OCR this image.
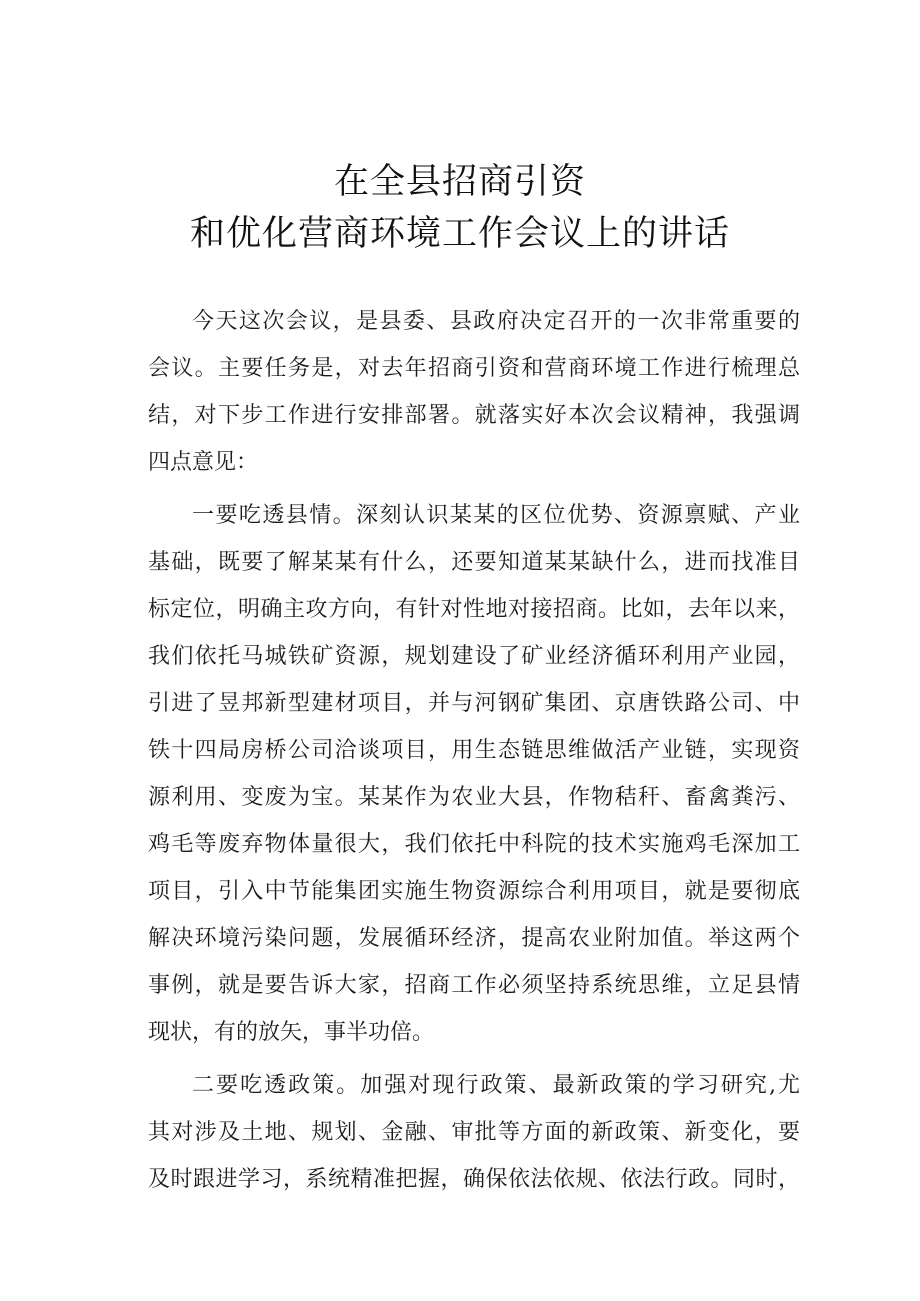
在全县招商引资
和优化营商环境工作会议上的讲话
今天这次会议，是县委、县政府决定召开的一次非常重要的
会议。主要任务是，对去年招商引资和营商环境工作进行梳理总
结，对下步工作进行安排部署。就落实好本次会议精神，我强调
四点意见：
一要吃透县情。深刻认识某某的区位优势、资源禀赋、产业
基础，既要了解某某有什么，还要知道某某缺什么，进而找准目
标定位，明确主攻方向，有针对性地对接招商。比如，去年以来，
我们依托马城铁矿资源，规划建设了矿业经济循环利用产业园，
引进了昱邦新型建材项目，并与河钢矿集团、京唐铁路公司、中
铁十四局房桥公司洽谈项目，用生态链思维做活产业链，实现资
源利用、变废为宝。某某作为农业大县，作物秸秆、畜禽粪污、
鸡毛等废弃物体量很大，我们依托中科院的技术实施鸡毛深加工
项目，引入中节能集团实施生物资源综合利用项目，就是要彻底
解决环境污染问题，发展循环经济，提高农业附加值。举这两个
事例，就是要告诉大家，招商工作必须坚持系统思维，立足县情
现状，有的放矢，事半功倍。
二要吃透政策。加强对现行政策、最新政策的学习研究,尤
其对涉及土地、规划、金融、审批等方面的新政策、新变化，要
及时跟进学习，系统精准把握，确保依法依规、依法行政。同时，
